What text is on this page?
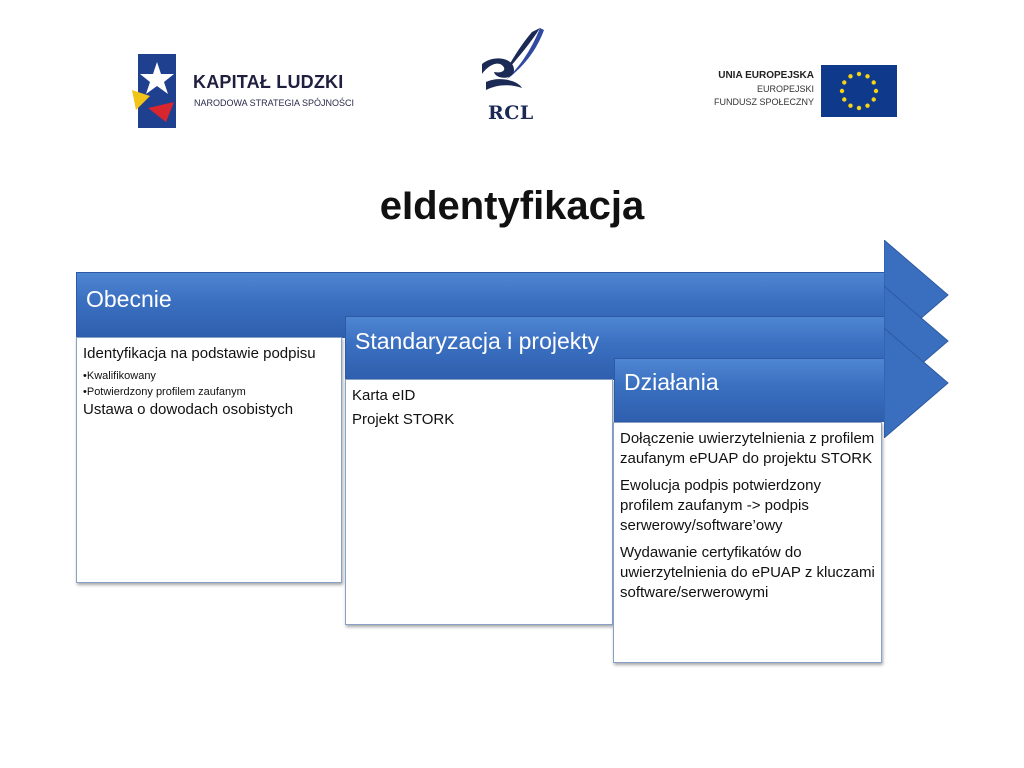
KAPITAŁ LUDZKI
NARODOWA STRATEGIA SPÓJNOŚCI	RCL
UNIA EUROPEJSKA
EUROPEJSKI
FUNDUSZ SPOŁECZNY
eIdentyfikacja
Obecnie

Identyfikacja na podstawie podpisu

•Kwalifikowany

•Potwierdzony profilem zaufanym

Ustawa o dowodach osobistych

Standaryzacja i projekty

Karta eID

Projekt STORK

Działania

Dołączenie uwierzytelnienia z profilem zaufanym ePUAP do projektu STORK

Ewolucja podpis potwierdzony profilem zaufanym -> podpis serwerowy/software’owy

Wydawanie certyfikatów do uwierzytelnienia do ePUAP z kluczami software/serwerowymi
